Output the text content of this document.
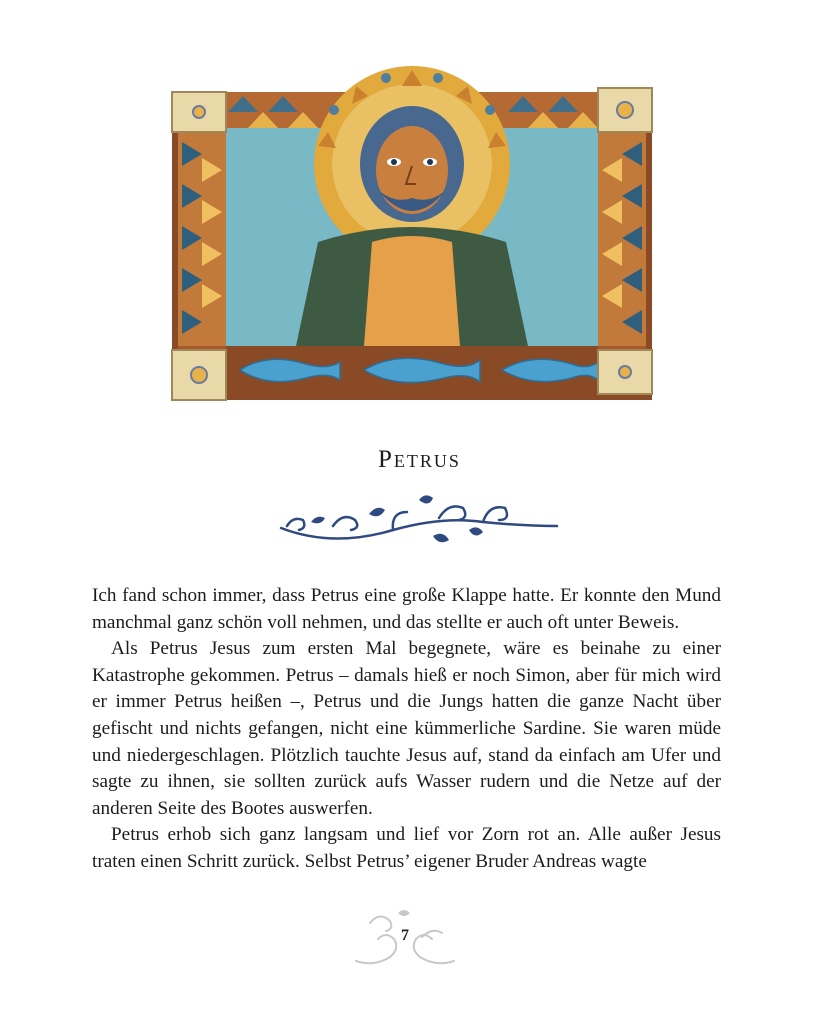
Petrus

Ich fand schon immer, dass Petrus eine große Klappe hatte. Er konnte den Mund manchmal ganz schön voll nehmen, und das stellte er auch oft unter Beweis.

Als Petrus Jesus zum ersten Mal begegnete, wäre es beinahe zu einer Katastrophe gekommen. Petrus – damals hieß er noch Simon, aber für mich wird er immer Petrus heißen –, Petrus und die Jungs hatten die ganze Nacht über gefischt und nichts gefangen, nicht eine kümmerliche Sardine. Sie waren müde und niedergeschlagen. Plötzlich tauchte Jesus auf, stand da einfach am Ufer und sagte zu ihnen, sie sollten zurück aufs Wasser rudern und die Netze auf der anderen Seite des Bootes auswerfen.

Petrus erhob sich ganz langsam und lief vor Zorn rot an. Alle außer Jesus traten einen Schritt zurück. Selbst Petrus’ eigener Bruder Andreas wagte

7
